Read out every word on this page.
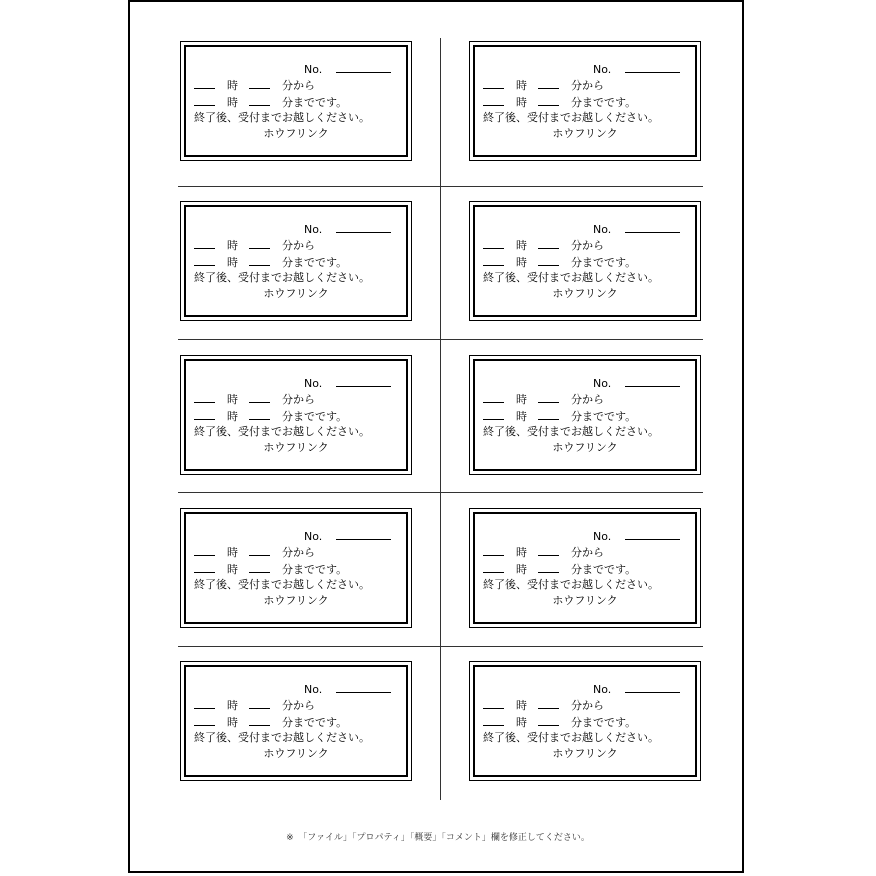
No.
時	分から
時	分までです。
終了後、受付までお越しください。
ホウフリンク
No.
時	分から
時	分までです。
終了後、受付までお越しください。
ホウフリンク
No.
時	分から
時	分までです。
終了後、受付までお越しください。
ホウフリンク
No.
時	分から
時	分までです。
終了後、受付までお越しください。
ホウフリンク
No.
時	分から
時	分までです。
終了後、受付までお越しください。
ホウフリンク
No.
時	分から
時	分までです。
終了後、受付までお越しください。
ホウフリンク
No.
時	分から
時	分までです。
終了後、受付までお越しください。
ホウフリンク
No.
時	分から
時	分までです。
終了後、受付までお越しください。
ホウフリンク
No.
時	分から
時	分までです。
終了後、受付までお越しください。
ホウフリンク
No.
時	分から
時	分までです。
終了後、受付までお越しください。
ホウフリンク
※　「ファイル」「プロパティ」「概要」「コメント」欄を修正してください。
